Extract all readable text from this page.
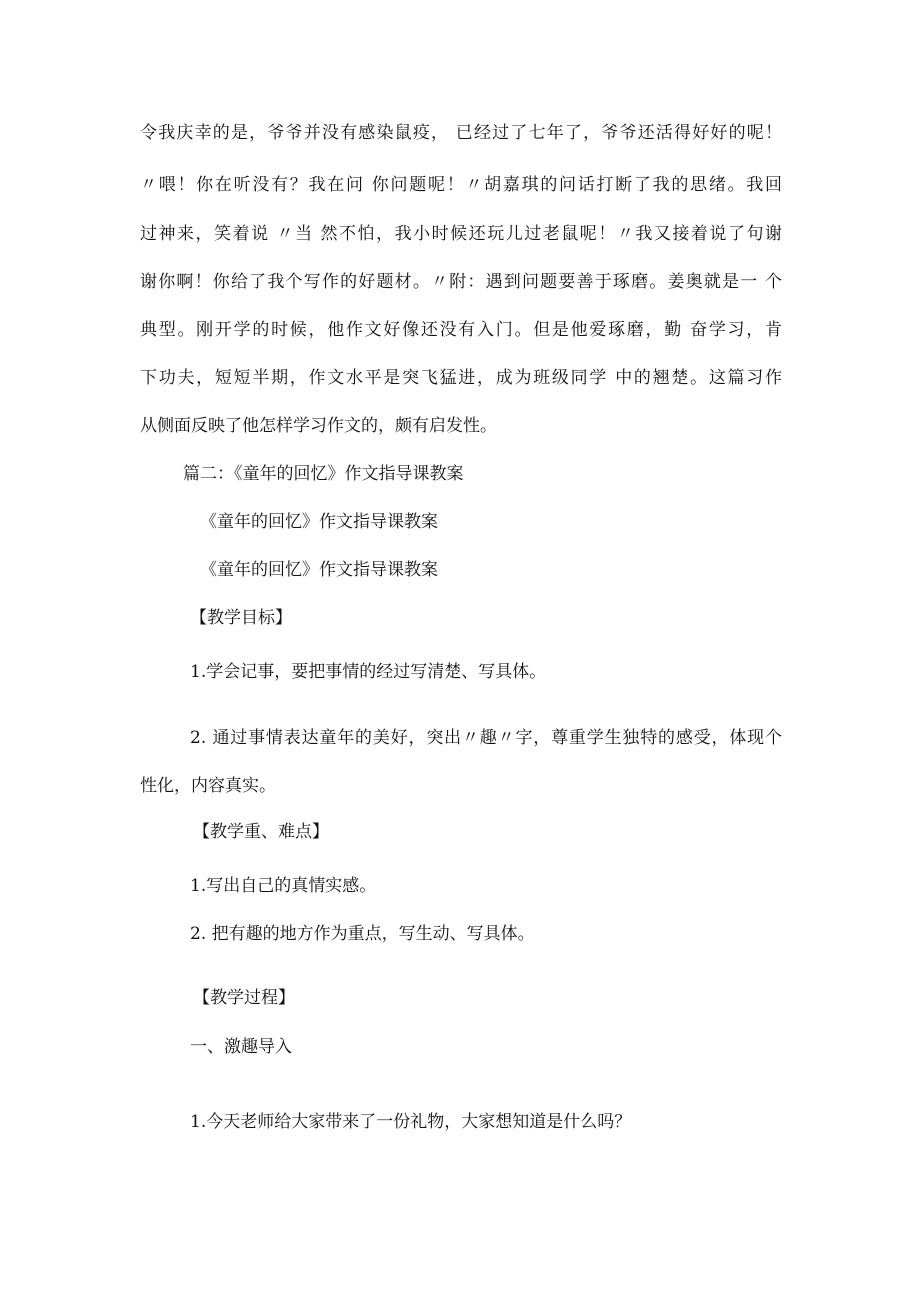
令我庆幸的是，爷爷并没有感染鼠疫， 已经过了七年了，爷爷还活得好好的呢！
〃喂！你在听没有？我在问 你问题呢！〃胡嘉琪的问话打断了我的思绪。我回
过神来，笑着说 〃当 然不怕，我小时候还玩儿过老鼠呢！〃我又接着说了句谢
谢你啊！你给了我个写作的好题材。〃附：遇到问题要善于琢磨。姜奥就是一 个
典型。刚开学的时候，他作文好像还没有入门。但是他爱琢磨，勤 奋学习，肯
下功夫，短短半期，作文水平是突飞猛进，成为班级同学 中的翘楚。这篇习作
从侧面反映了他怎样学习作文的，颇有启发性。
篇二：《童年的回忆》作文指导课教案
《童年的回忆》作文指导课教案
《童年的回忆》作文指导课教案
【教学目标】
1.学会记事，要把事情的经过写清楚、写具体。
2. 通过事情表达童年的美好，突出〃趣〃字，尊重学生独特的感受，体现个
性化，内容真实。
【教学重、难点】
1.写出自己的真情实感。
2. 把有趣的地方作为重点，写生动、写具体。
【教学过程】
一、激趣导入
1.今天老师给大家带来了一份礼物，大家想知道是什么吗？
